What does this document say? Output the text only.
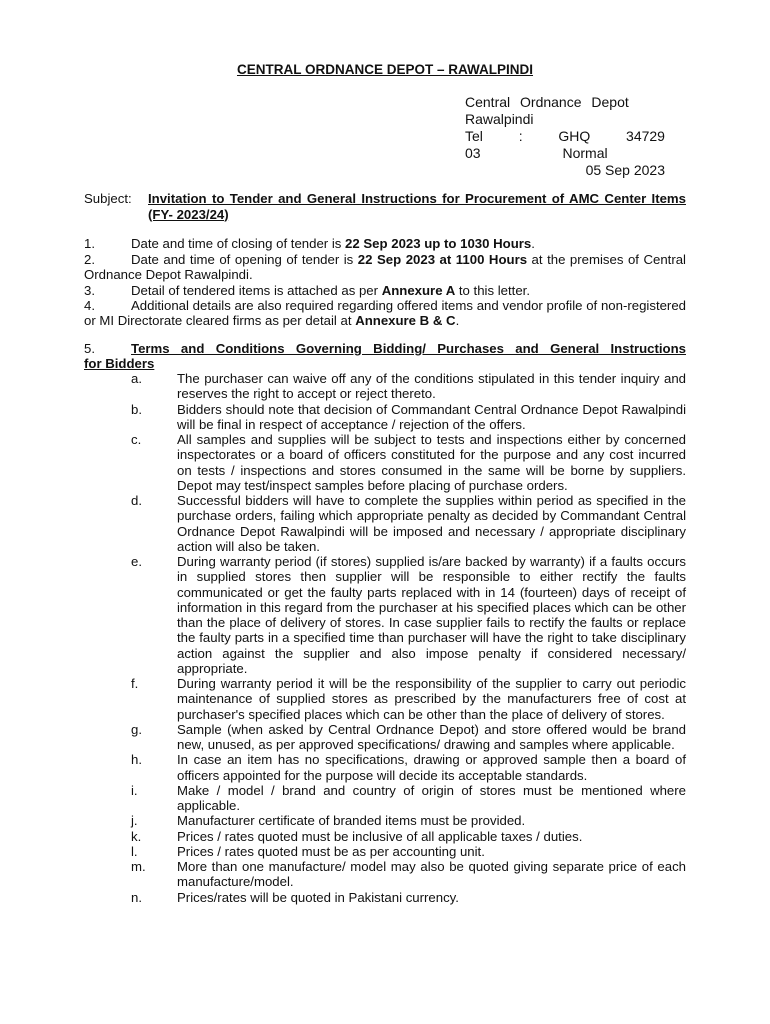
CENTRAL ORDNANCE DEPOT – RAWALPINDI
Central Ordnance Depot
Rawalpindi
Tel	:	GHQ	34729
03	Normal
05 Sep 2023
Subject: Invitation to Tender and General Instructions for Procurement of AMC Center Items (FY- 2023/24)
1.	Date and time of closing of tender is 22 Sep 2023 up to 1030 Hours.
2.	Date and time of opening of tender is 22 Sep 2023 at 1100 Hours at the premises of Central Ordnance Depot Rawalpindi.
3.	Detail of tendered items is attached as per Annexure A to this letter.
4.	Additional details are also required regarding offered items and vendor profile of non-registered or MI Directorate cleared firms as per detail at Annexure B & C.
5.	Terms and Conditions Governing Bidding/ Purchases and General Instructions
for Bidders
a.	The purchaser can waive off any of the conditions stipulated in this tender inquiry and reserves the right to accept or reject thereto.
b.	Bidders should note that decision of Commandant Central Ordnance Depot Rawalpindi will be final in respect of acceptance / rejection of the offers.
c.	All samples and supplies will be subject to tests and inspections either by concerned inspectorates or a board of officers constituted for the purpose and any cost incurred on tests / inspections and stores consumed in the same will be borne by suppliers. Depot may test/inspect samples before placing of purchase orders.
d.	Successful bidders will have to complete the supplies within period as specified in the purchase orders, failing which appropriate penalty as decided by Commandant Central Ordnance Depot Rawalpindi will be imposed and necessary / appropriate disciplinary action will also be taken.
e.	During warranty period (if stores) supplied is/are backed by warranty) if a faults occurs in supplied stores then supplier will be responsible to either rectify the faults communicated or get the faulty parts replaced with in 14 (fourteen) days of receipt of information in this regard from the purchaser at his specified places which can be other than the place of delivery of stores. In case supplier fails to rectify the faults or replace the faulty parts in a specified time than purchaser will have the right to take disciplinary action against the supplier and also impose penalty if considered necessary/ appropriate.
f.	During warranty period it will be the responsibility of the supplier to carry out periodic maintenance of supplied stores as prescribed by the manufacturers free of cost at purchaser's specified places which can be other than the place of delivery of stores.
g.	Sample (when asked by Central Ordnance Depot) and store offered would be brand new, unused, as per approved specifications/ drawing and samples where applicable.
h.	In case an item has no specifications, drawing or approved sample then a board of officers appointed for the purpose will decide its acceptable standards.
i.	Make / model / brand and country of origin of stores must be mentioned where applicable.
j.	Manufacturer certificate of branded items must be provided.
k.	Prices / rates quoted must be inclusive of all applicable taxes / duties.
l.	Prices / rates quoted must be as per accounting unit.
m. More than one manufacture/ model may also be quoted giving separate price of each manufacture/model.
n.	Prices/rates will be quoted in Pakistani currency.
